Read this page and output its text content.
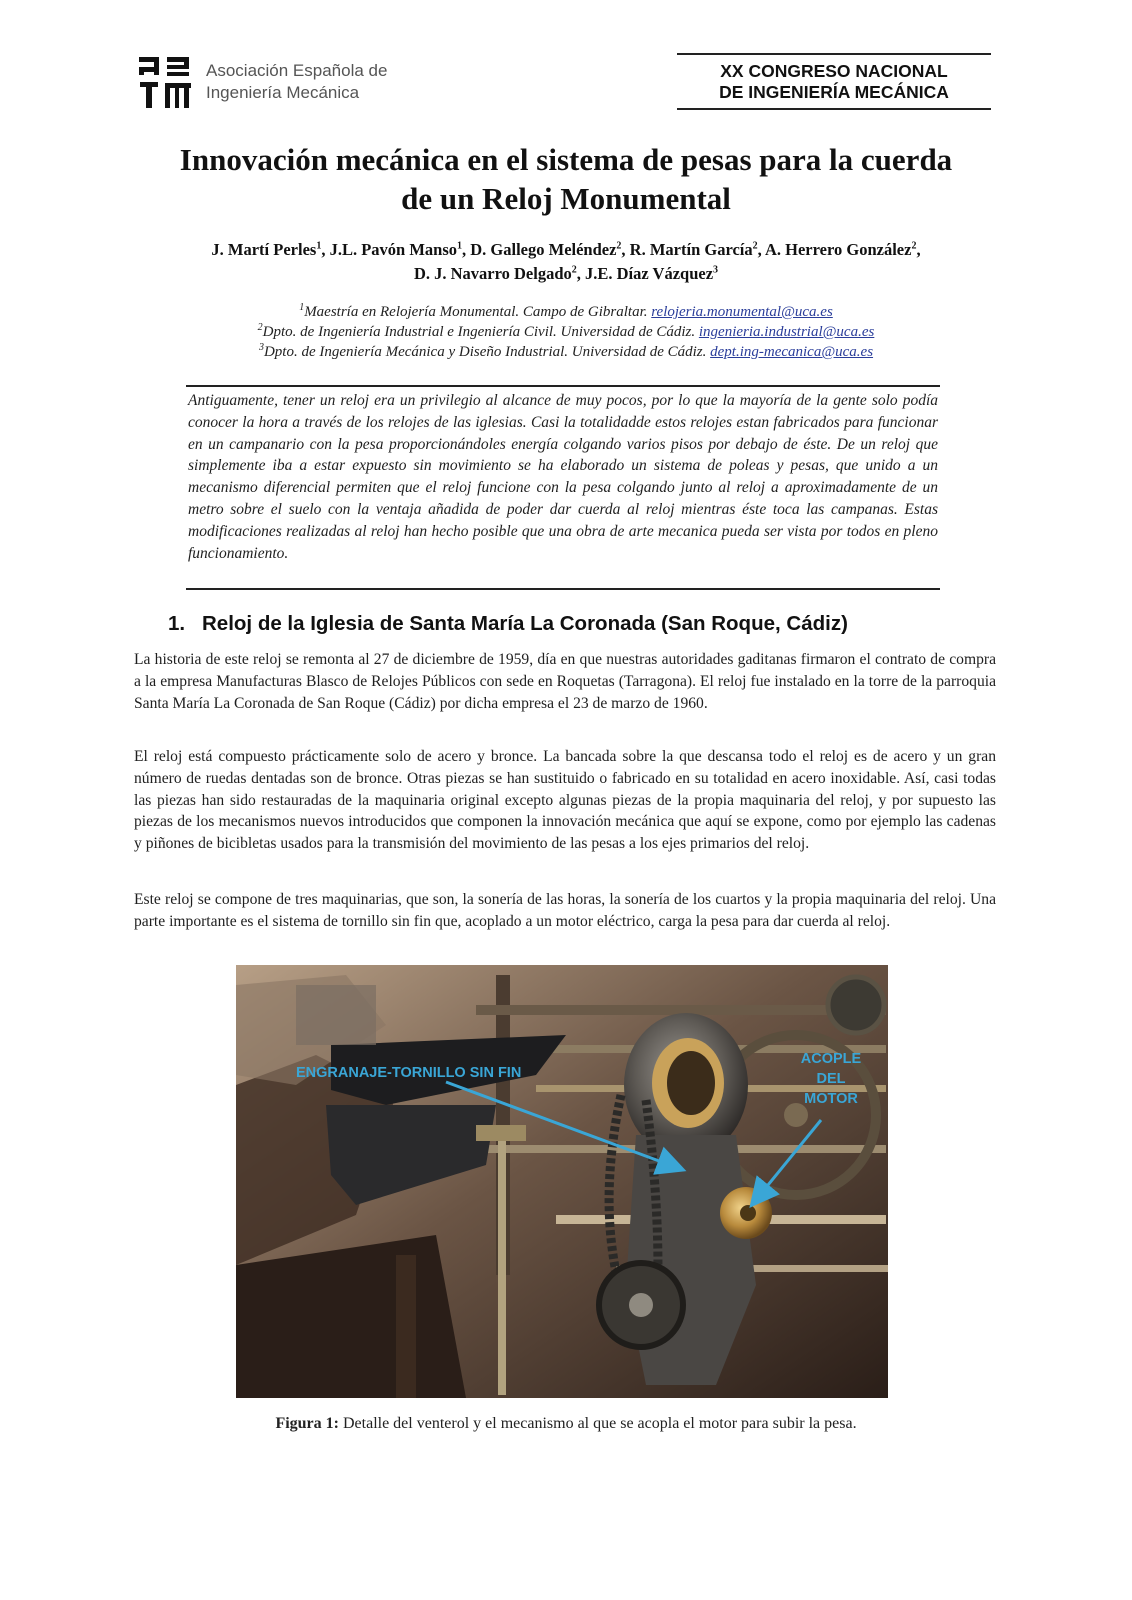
Asociación Española de
Ingeniería Mecánica
XX CONGRESO NACIONAL
DE INGENIERÍA MECÁNICA
Innovación mecánica en el sistema de pesas para la cuerda
de un Reloj Monumental
J. Martí Perles$^1$, J.L. Pavón Manso$^1$, D. Gallego Meléndez$^2$, R. Martín García$^2$, A. Herrero González$^2$,
D. J. Navarro Delgado$^2$, J.E. Díaz Vázquez$^3$
$^1$Maestría en Relojería Monumental. Campo de Gibraltar. relojeria.monumental@uca.es
$^2$Dpto. de Ingeniería Industrial e Ingeniería Civil. Universidad de Cádiz. ingenieria.industrial@uca.es
$^3$Dpto. de Ingeniería Mecánica y Diseño Industrial. Universidad de Cádiz. dept.ing-mecanica@uca.es
Antiguamente, tener un reloj era un privilegio al alcance de muy pocos, por lo que la mayoría de la gente solo podía conocer la hora a través de los relojes de las iglesias. Casi la totalidadde estos relojes estan fabricados para funcionar en un campanario con la pesa proporcionándoles energía colgando varios pisos por debajo de éste. De un reloj que simplemente iba a estar expuesto sin movimiento se ha elaborado un sistema de poleas y pesas, que unido a un mecanismo diferencial permiten que el reloj funcione con la pesa colgando junto al reloj a aproximadamente de un metro sobre el suelo con la ventaja añadida de poder dar cuerda al reloj mientras éste toca las campanas. Estas modificaciones realizadas al reloj han hecho posible que una obra de arte mecanica pueda ser vista por todos en pleno funcionamiento.
1. Reloj de la Iglesia de Santa María La Coronada (San Roque, Cádiz)

La historia de este reloj se remonta al 27 de diciembre de 1959, día en que nuestras autoridades gaditanas firmaron el contrato de compra a la empresa Manufacturas Blasco de Relojes Públicos con sede en Roquetas (Tarragona). El reloj fue instalado en la torre de la parroquia Santa María La Coronada de San Roque (Cádiz) por dicha empresa el 23 de marzo de 1960.

El reloj está compuesto prácticamente solo de acero y bronce. La bancada sobre la que descansa todo el reloj es de acero y un gran número de ruedas dentadas son de bronce. Otras piezas se han sustituido o fabricado en su totalidad en acero inoxidable. Así, casi todas las piezas han sido restauradas de la maquinaria original excepto algunas piezas de la propia maquinaria del reloj, y por supuesto las piezas de los mecanismos nuevos introducidos que componen la innovación mecánica que aquí se expone, como por ejemplo las cadenas y piñones de bicibletas usados para la transmisión del movimiento de las pesas a los ejes primarios del reloj.

Este reloj se compone de tres maquinarias, que son, la sonería de las horas, la sonería de los cuartos y la propia maquinaria del reloj. Una parte importante es el sistema de tornillo sin fin que, acoplado a un motor eléctrico, carga la pesa para dar cuerda al reloj.

ENGRANAJE-TORNILLO SIN FIN
ACOPLE
DEL
MOTOR
Figura 1: Detalle del venterol y el mecanismo al que se acopla el motor para subir la pesa.
